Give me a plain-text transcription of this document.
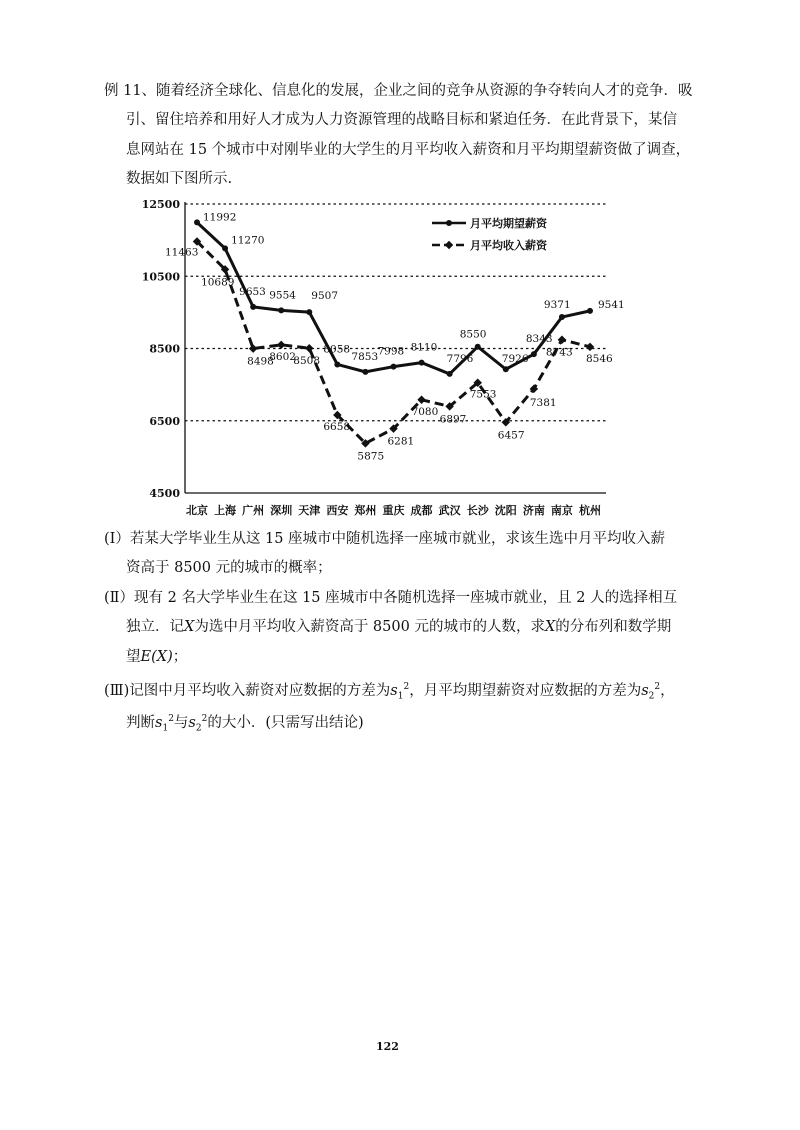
例 11、随着经济全球化、信息化的发展，企业之间的竞争从资源的争夺转向人才的竞争．吸
引、留住培养和用好人才成为人力资源管理的战略目标和紧迫任务．在此背景下，某信
息网站在 15 个城市中对刚毕业的大学生的月平均收入薪资和月平均期望薪资做了调查，
数据如下图所示.
4500
6500
8500
10500
12500
北京 上海 广州 深圳 天津 西安 郑州 重庆 成都 武汉 长沙 沈阳 济南 南京 杭州
11992
11270
9653 9554 9507
8058
7853 7998 8110
7796
8550
7926
8343
9371	9541
11463
10689
8498
8602
8508
6658
5875
6281
7080
6897
7553
6457
7381
8743
8546
月平均期望薪资
月平均收入薪资
(Ⅰ）若某大学毕业生从这 15 座城市中随机选择一座城市就业，求该生选中月平均收入薪
资高于 8500 元的城市的概率；
(Ⅱ）现有 2 名大学毕业生在这 15 座城市中各随机选择一座城市就业，且 2 人的选择相互
独立．记X为选中月平均收入薪资高于 8500 元的城市的人数，求X的分布列和数学期
望E(X)；
(Ⅲ)记图中月平均收入薪资对应数据的方差为$s_1^2$，月平均期望薪资对应数据的方差为$s_2^2$，
判断$s_1^2$与$s_2^2$的大小．(只需写出结论)
122
